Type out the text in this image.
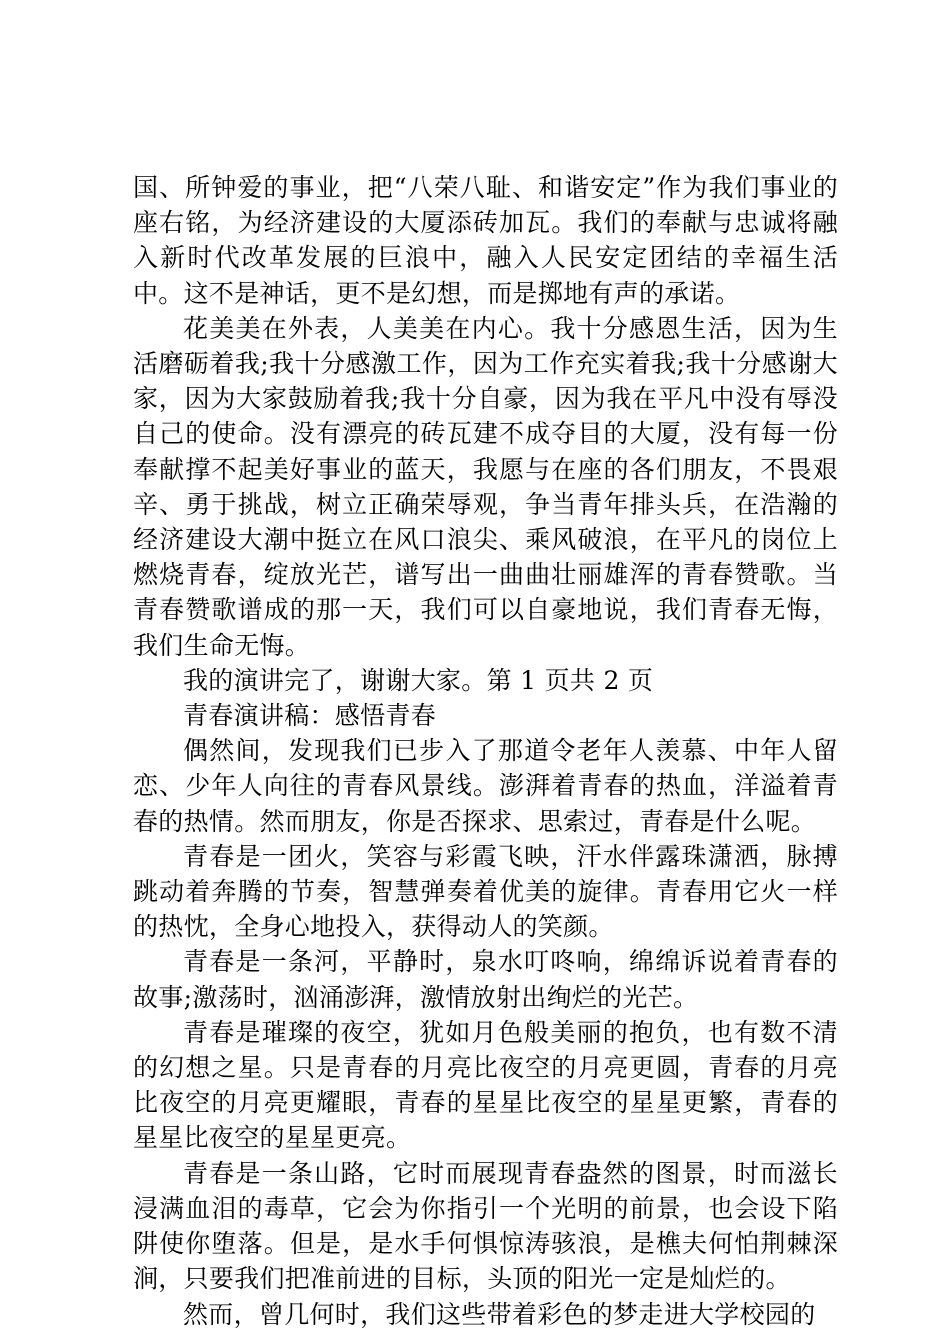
国、所钟爱的事业，把“八荣八耻、和谐安定”作为我们事业的座右铭，为经济建设的大厦添砖加瓦。我们的奉献与忠诚将融入新时代改革发展的巨浪中，融入人民安定团结的幸福生活中。这不是神话，更不是幻想，而是掷地有声的承诺。

花美美在外表，人美美在内心。我十分感恩生活，因为生活磨砺着我;我十分感激工作，因为工作充实着我;我十分感谢大家，因为大家鼓励着我;我十分自豪，因为我在平凡中没有辱没自己的使命。没有漂亮的砖瓦建不成夺目的大厦，没有每一份奉献撑不起美好事业的蓝天，我愿与在座的各们朋友，不畏艰辛、勇于挑战，树立正确荣辱观，争当青年排头兵，在浩瀚的经济建设大潮中挺立在风口浪尖、乘风破浪，在平凡的岗位上燃烧青春，绽放光芒，谱写出一曲曲壮丽雄浑的青春赞歌。当青春赞歌谱成的那一天，我们可以自豪地说，我们青春无悔，我们生命无悔。

我的演讲完了，谢谢大家。第 1 页共 2 页

青春演讲稿：感悟青春

偶然间，发现我们已步入了那道令老年人羡慕、中年人留恋、少年人向往的青春风景线。澎湃着青春的热血，洋溢着青春的热情。然而朋友，你是否探求、思索过，青春是什么呢。

青春是一团火，笑容与彩霞飞映，汗水伴露珠潇洒，脉搏跳动着奔腾的节奏，智慧弹奏着优美的旋律。青春用它火一样的热忱，全身心地投入，获得动人的笑颜。

青春是一条河，平静时，泉水叮咚响，绵绵诉说着青春的故事;激荡时，汹涌澎湃，激情放射出绚烂的光芒。

青春是璀璨的夜空，犹如月色般美丽的抱负，也有数不清的幻想之星。只是青春的月亮比夜空的月亮更圆，青春的月亮比夜空的月亮更耀眼，青春的星星比夜空的星星更繁，青春的星星比夜空的星星更亮。

青春是一条山路，它时而展现青春盎然的图景，时而滋长浸满血泪的毒草，它会为你指引一个光明的前景，也会设下陷阱使你堕落。但是，是水手何惧惊涛骇浪，是樵夫何怕荆棘深涧，只要我们把准前进的目标，头顶的阳光一定是灿烂的。

然而，曾几何时，我们这些带着彩色的梦走进大学校园的
